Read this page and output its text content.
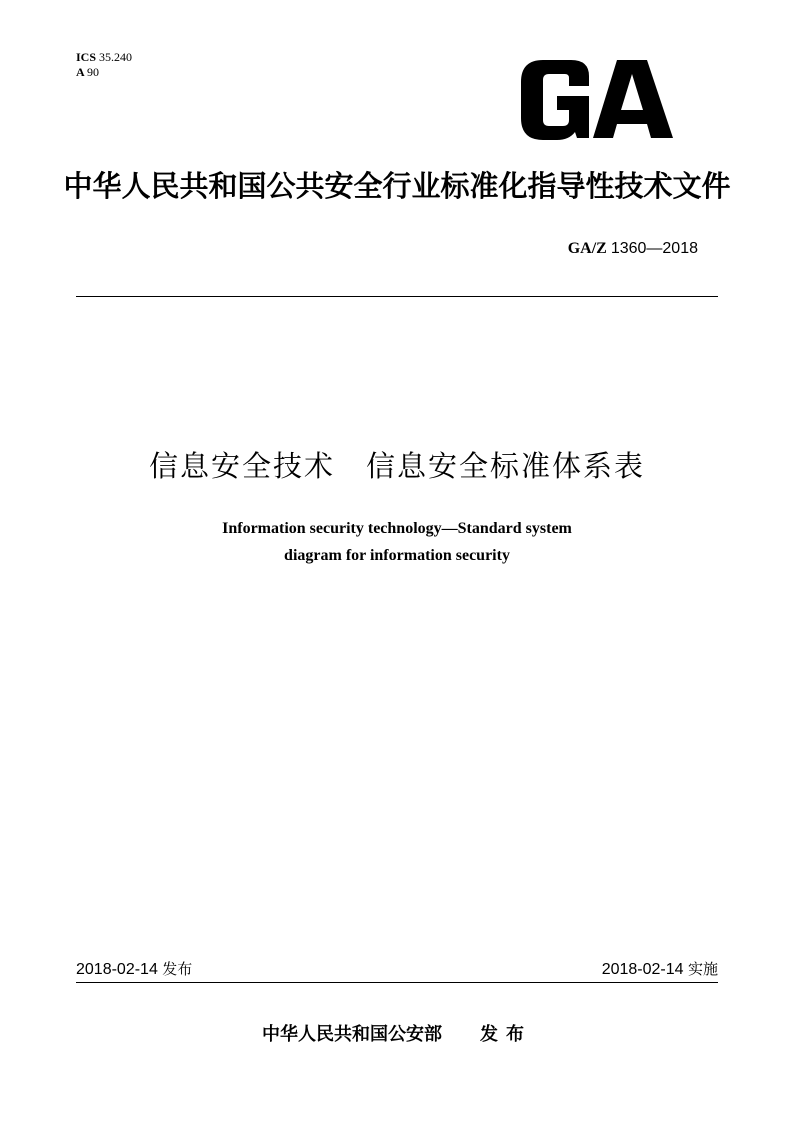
ICS 35.240
A 90
中华人民共和国公共安全行业标准化指导性技术文件
GA/Z 1360—2018
信息安全技术　信息安全标准体系表
Information security technology—Standard system
diagram for information security
2018-02-14 发布	2018-02-14 实施
中华人民共和国公安部 发布
